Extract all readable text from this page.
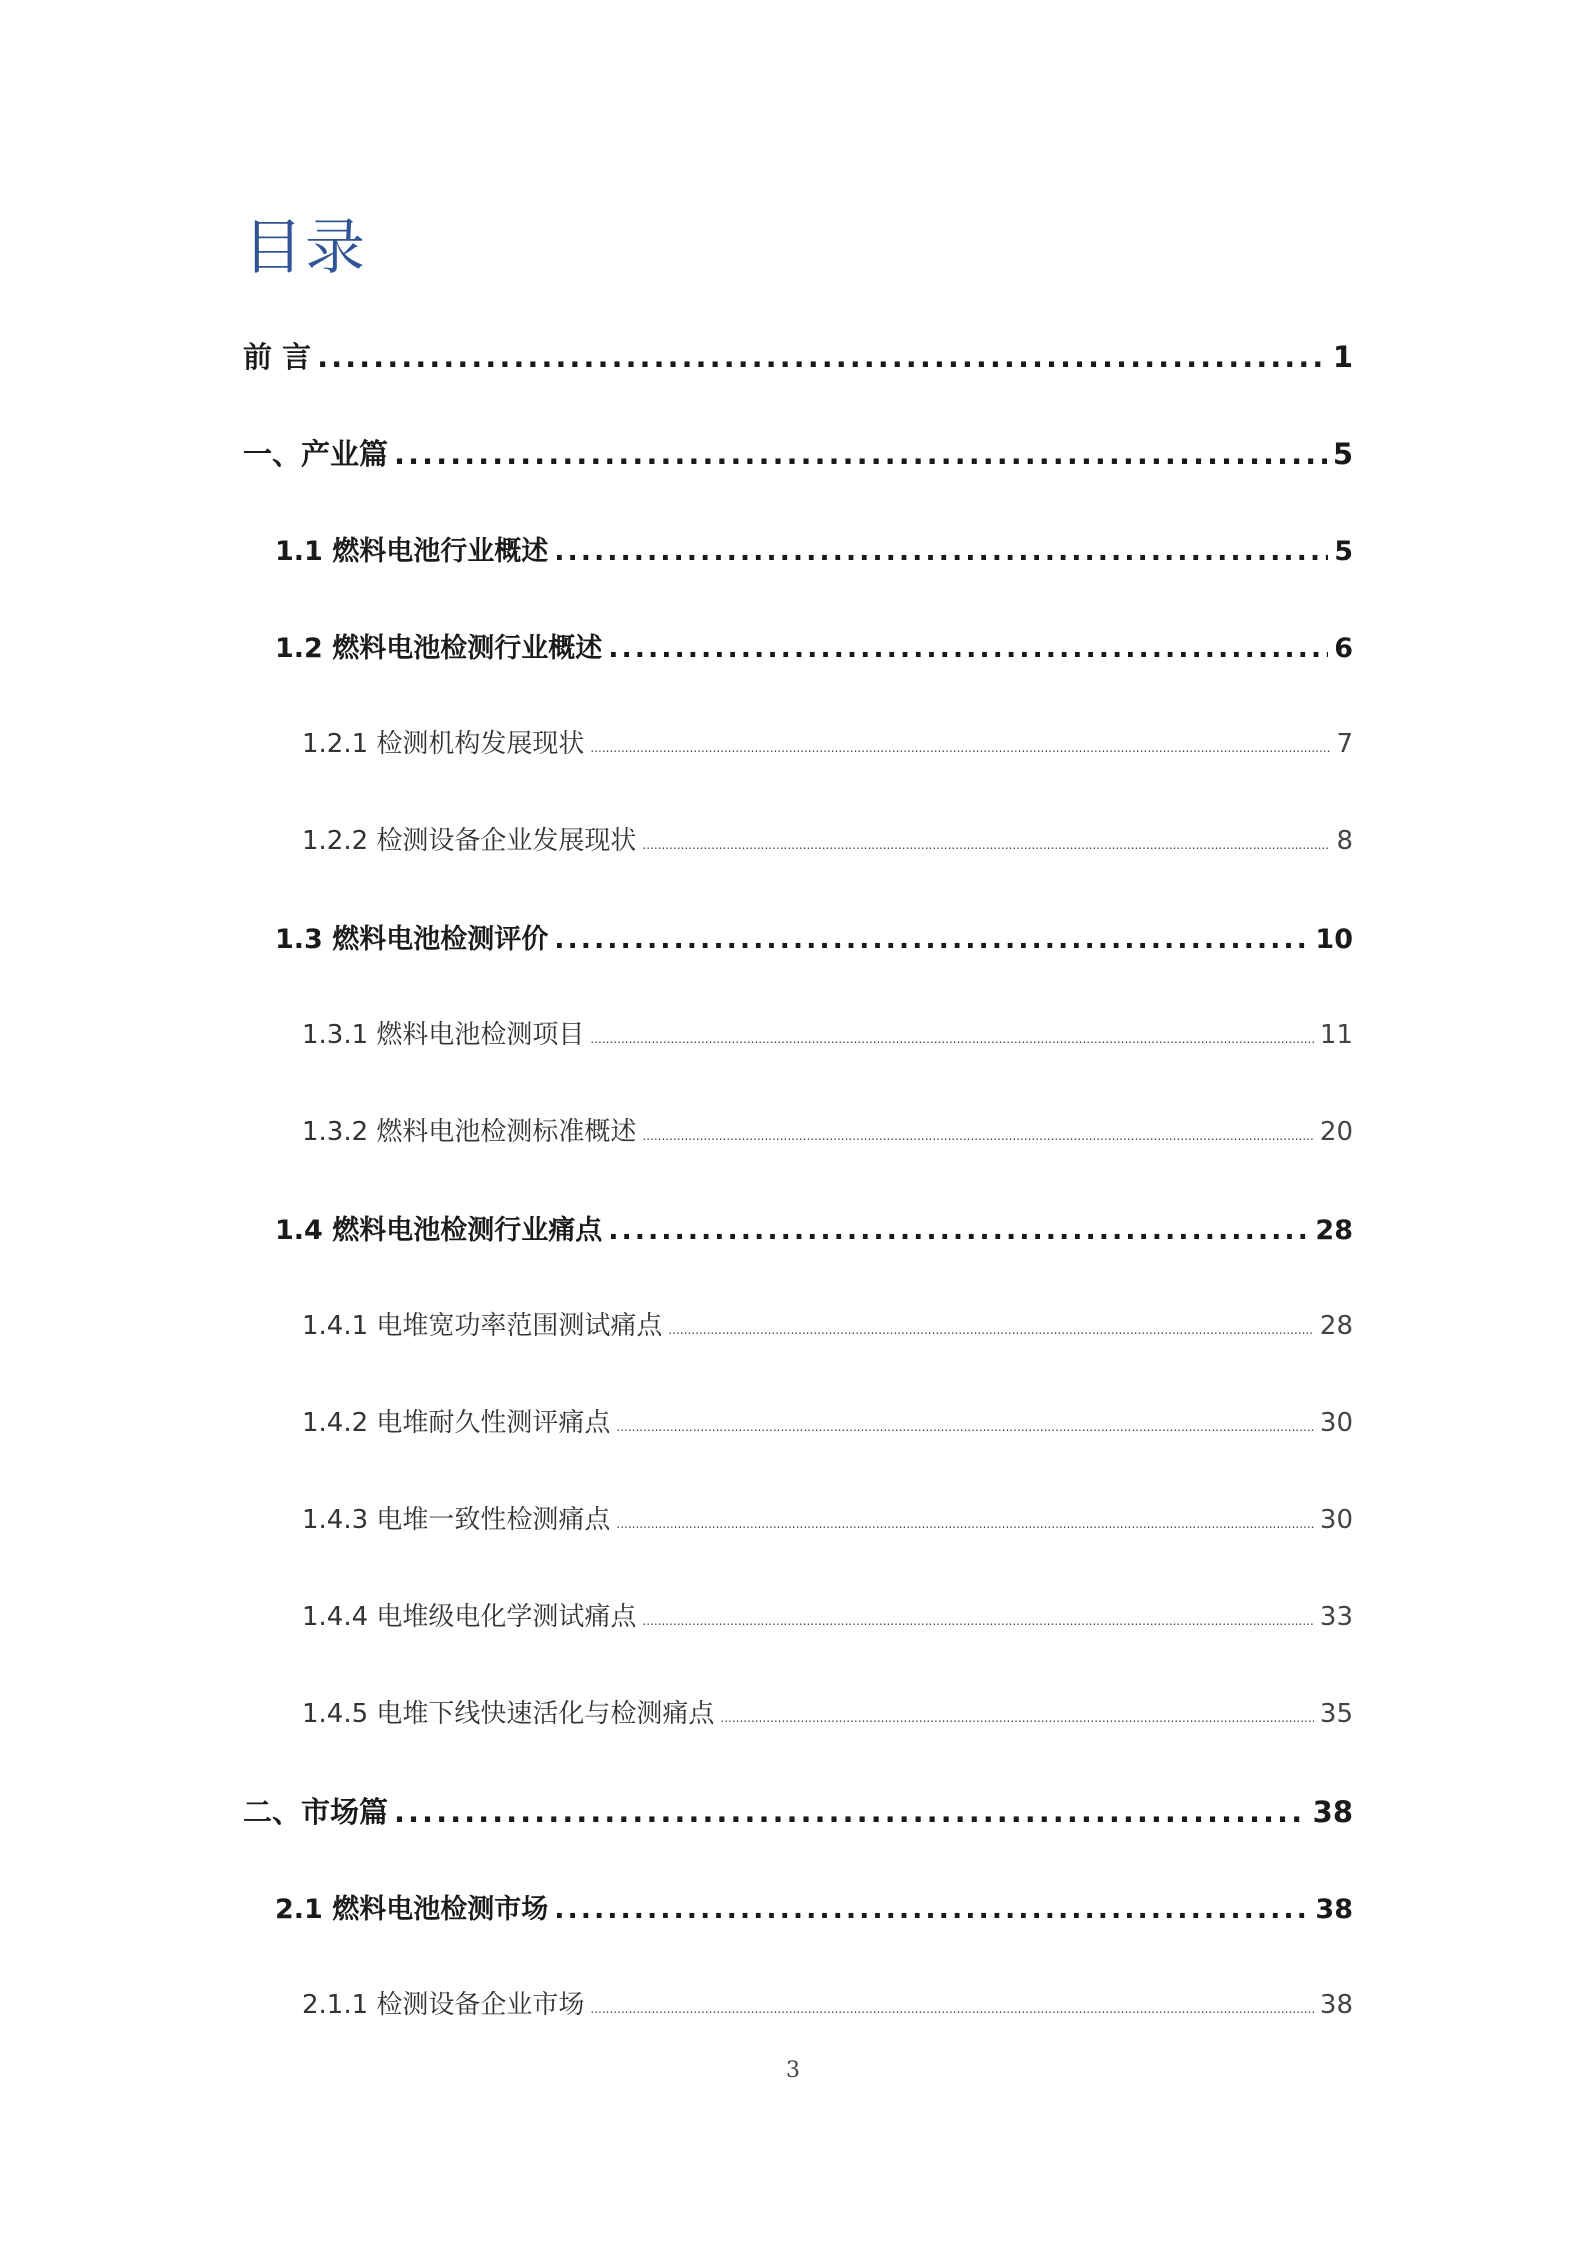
目录
前 言 .....	1
一、产业篇 .....	5
1.1 燃料电池行业概述 .....	5
1.2 燃料电池检测行业概述 .....	6
1.2.1 检测机构发展现状 .....	7
1.2.2 检测设备企业发展现状 .....	8
1.3 燃料电池检测评价 .....	10
1.3.1 燃料电池检测项目 .....	11
1.3.2 燃料电池检测标准概述 .....	20
1.4 燃料电池检测行业痛点 .....	28
1.4.1 电堆宽功率范围测试痛点 .....	28
1.4.2 电堆耐久性测评痛点 .....	30
1.4.3 电堆一致性检测痛点 .....	30
1.4.4 电堆级电化学测试痛点 .....	33
1.4.5 电堆下线快速活化与检测痛点 .....	35
二、市场篇 .....	38
2.1 燃料电池检测市场 .....	38
2.1.1 检测设备企业市场 .....	38
3
